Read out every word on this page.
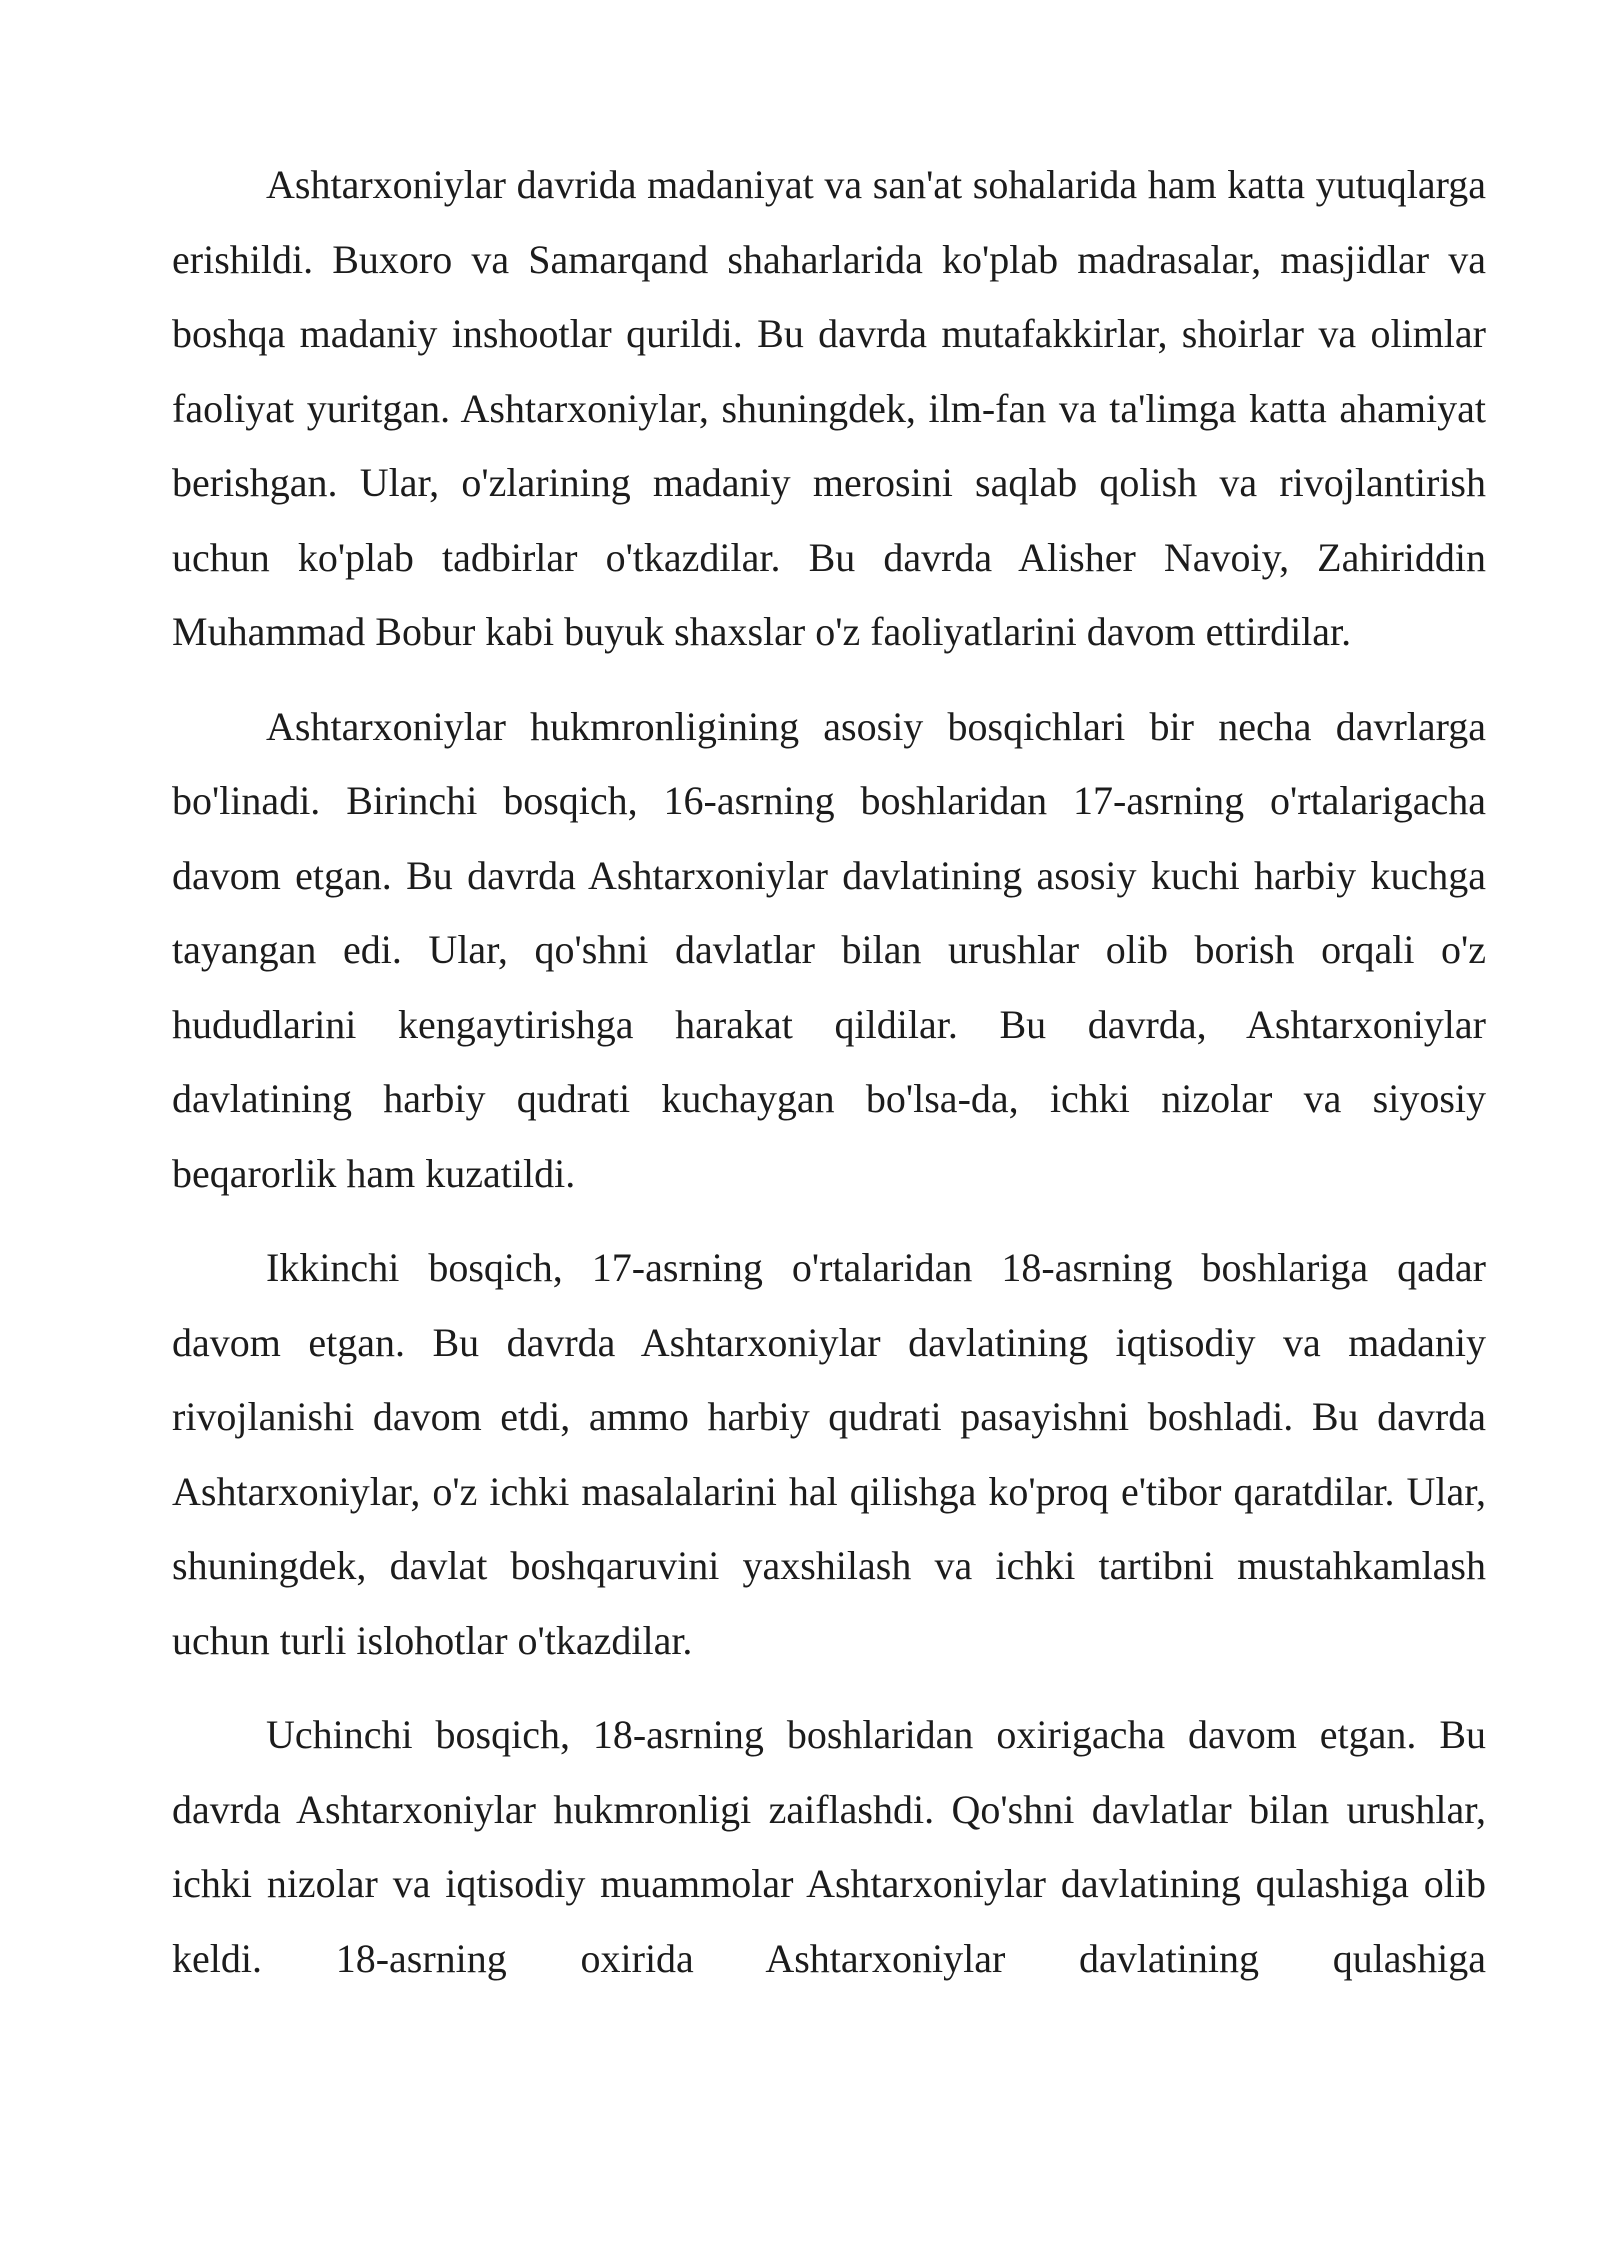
Ashtarxoniylar davrida madaniyat va san'at sohalarida ham katta yutuqlarga erishildi. Buxoro va Samarqand shaharlarida ko'plab madrasalar, masjidlar va boshqa madaniy inshootlar qurildi. Bu davrda mutafakkirlar, shoirlar va olimlar faoliyat yuritgan. Ashtarxoniylar, shuningdek, ilm-fan va ta'limga katta ahamiyat berishgan. Ular, o'zlarining madaniy merosini saqlab qolish va rivojlantirish uchun ko'plab tadbirlar o'tkazdilar. Bu davrda Alisher Navoiy, Zahiriddin Muhammad Bobur kabi buyuk shaxslar o'z faoliyatlarini davom ettirdilar.

Ashtarxoniylar hukmronligining asosiy bosqichlari bir necha davrlarga bo'linadi. Birinchi bosqich, 16-asrning boshlaridan 17-asrning o'rtalarigacha davom etgan. Bu davrda Ashtarxoniylar davlatining asosiy kuchi harbiy kuchga tayangan edi. Ular, qo'shni davlatlar bilan urushlar olib borish orqali o'z hududlarini kengaytirishga harakat qildilar. Bu davrda, Ashtarxoniylar davlatining harbiy qudrati kuchaygan bo'lsa-da, ichki nizolar va siyosiy beqarorlik ham kuzatildi.

Ikkinchi bosqich, 17-asrning o'rtalaridan 18-asrning boshlariga qadar davom etgan. Bu davrda Ashtarxoniylar davlatining iqtisodiy va madaniy rivojlanishi davom etdi, ammo harbiy qudrati pasayishni boshladi. Bu davrda Ashtarxoniylar, o'z ichki masalalarini hal qilishga ko'proq e'tibor qaratdilar. Ular, shuningdek, davlat boshqaruvini yaxshilash va ichki tartibni mustahkamlash uchun turli islohotlar o'tkazdilar.

Uchinchi bosqich, 18-asrning boshlaridan oxirigacha davom etgan. Bu davrda Ashtarxoniylar hukmronligi zaiflashdi. Qo'shni davlatlar bilan urushlar, ichki nizolar va iqtisodiy muammolar Ashtarxoniylar davlatining qulashiga olib keldi. 18-asrning oxirida Ashtarxoniylar davlatining qulashiga
